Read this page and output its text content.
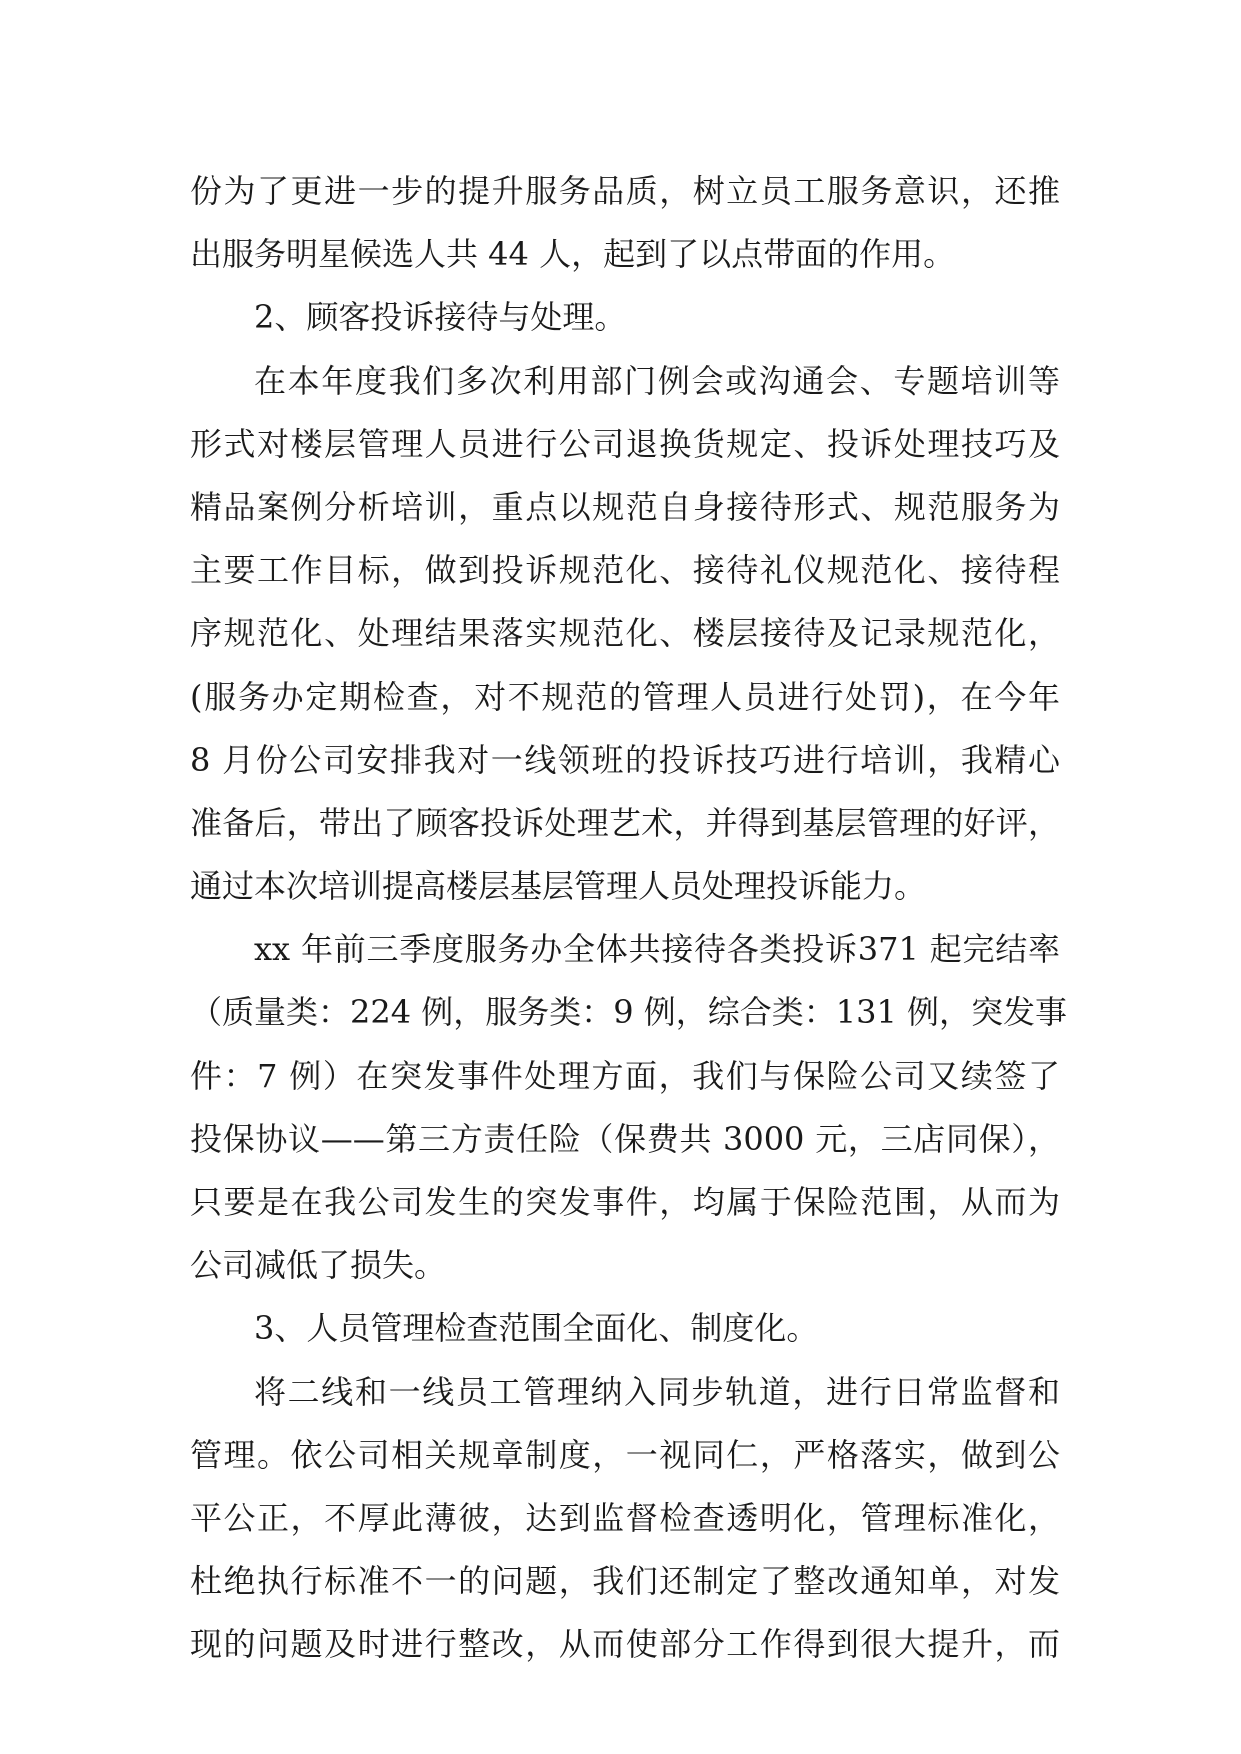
份为了更进一步的提升服务品质，树立员工服务意识，还推
出服务明星候选人共 44 人，起到了以点带面的作用。
2、顾客投诉接待与处理。
在本年度我们多次利用部门例会或沟通会、专题培训等
形式对楼层管理人员进行公司退换货规定、投诉处理技巧及
精品案例分析培训，重点以规范自身接待形式、规范服务为
主要工作目标，做到投诉规范化、接待礼仪规范化、接待程
序规范化、处理结果落实规范化、楼层接待及记录规范化，
(服务办定期检查，对不规范的管理人员进行处罚)，在今年
8 月份公司安排我对一线领班的投诉技巧进行培训，我精心
准备后，带出了顾客投诉处理艺术，并得到基层管理的好评，
通过本次培训提高楼层基层管理人员处理投诉能力。
xx 年前三季度服务办全体共接待各类投诉371 起完结率
（质量类：224 例，服务类：9 例，综合类：131 例，突发事
件：7 例）在突发事件处理方面，我们与保险公司又续签了
投保协议——第三方责任险（保费共 3000 元，三店同保），
只要是在我公司发生的突发事件，均属于保险范围，从而为
公司减低了损失。
3、人员管理检查范围全面化、制度化。
将二线和一线员工管理纳入同步轨道，进行日常监督和
管理。依公司相关规章制度，一视同仁，严格落实，做到公
平公正，不厚此薄彼，达到监督检查透明化，管理标准化，
杜绝执行标准不一的问题，我们还制定了整改通知单，对发
现的问题及时进行整改，从而使部分工作得到很大提升，而
